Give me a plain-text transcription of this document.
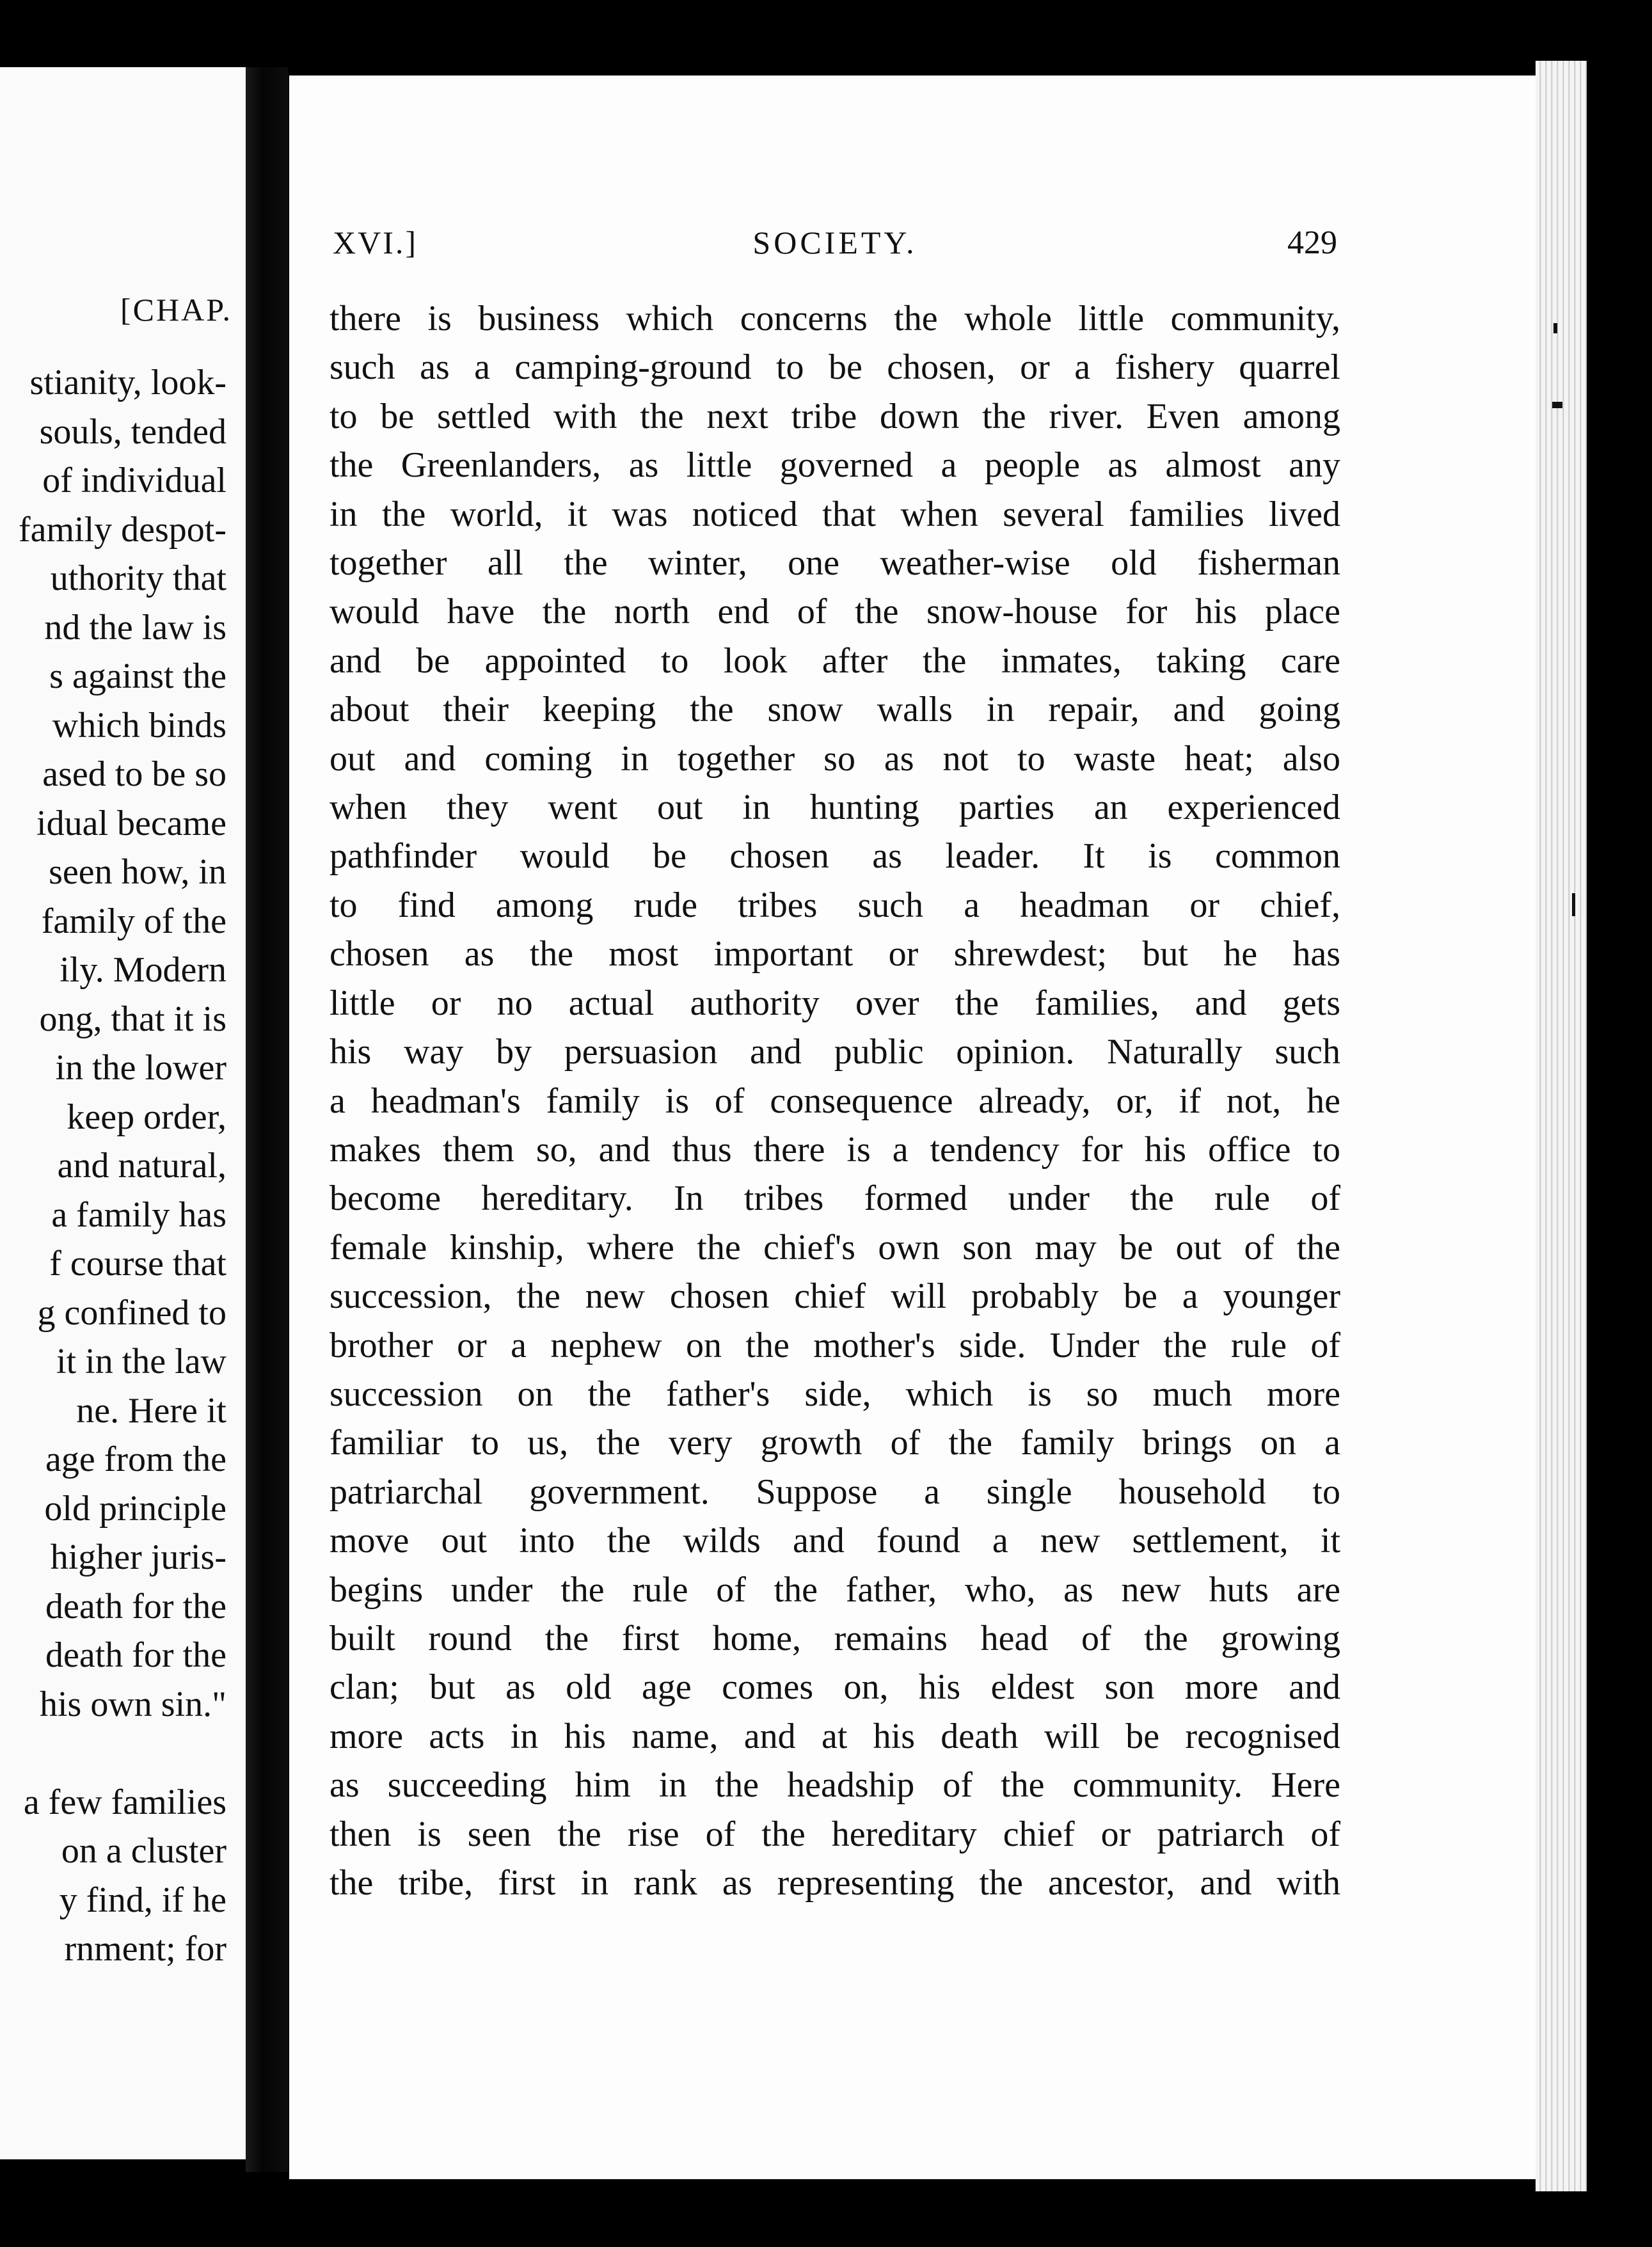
[CHAP.
stianity, look-
souls, tended
of individual
family despot-
uthority that
nd the law is
s against the
which binds
ased to be so
idual became
seen how, in
family of the
ily. Modern
ong, that it is
in the lower
keep order,
and natural,
a family has
f course that
g confined to
it in the law
ne. Here it
age from the
old principle
higher juris-
death for the
death for the
his own sin."
a few families
on a cluster
y find, if he
rnment; for
XVI.]	SOCIETY.	429
there is business which concerns the whole little community,
such as a camping-ground to be chosen, or a fishery quarrel
to be settled with the next tribe down the river. Even among
the Greenlanders, as little governed a people as almost any
in the world, it was noticed that when several families lived
together all the winter, one weather-wise old fisherman
would have the north end of the snow-house for his place
and be appointed to look after the inmates, taking care
about their keeping the snow walls in repair, and going
out and coming in together so as not to waste heat; also
when they went out in hunting parties an experienced
pathfinder would be chosen as leader. It is common
to find among rude tribes such a headman or chief,
chosen as the most important or shrewdest; but he has
little or no actual authority over the families, and gets
his way by persuasion and public opinion. Naturally such
a headman's family is of consequence already, or, if not, he
makes them so, and thus there is a tendency for his office to
become hereditary. In tribes formed under the rule of
female kinship, where the chief's own son may be out of the
succession, the new chosen chief will probably be a younger
brother or a nephew on the mother's side. Under the rule of
succession on the father's side, which is so much more
familiar to us, the very growth of the family brings on a
patriarchal government. Suppose a single household to
move out into the wilds and found a new settlement, it
begins under the rule of the father, who, as new huts are
built round the first home, remains head of the growing
clan; but as old age comes on, his eldest son more and
more acts in his name, and at his death will be recognised
as succeeding him in the headship of the community. Here
then is seen the rise of the hereditary chief or patriarch of
the tribe, first in rank as representing the ancestor, and with
